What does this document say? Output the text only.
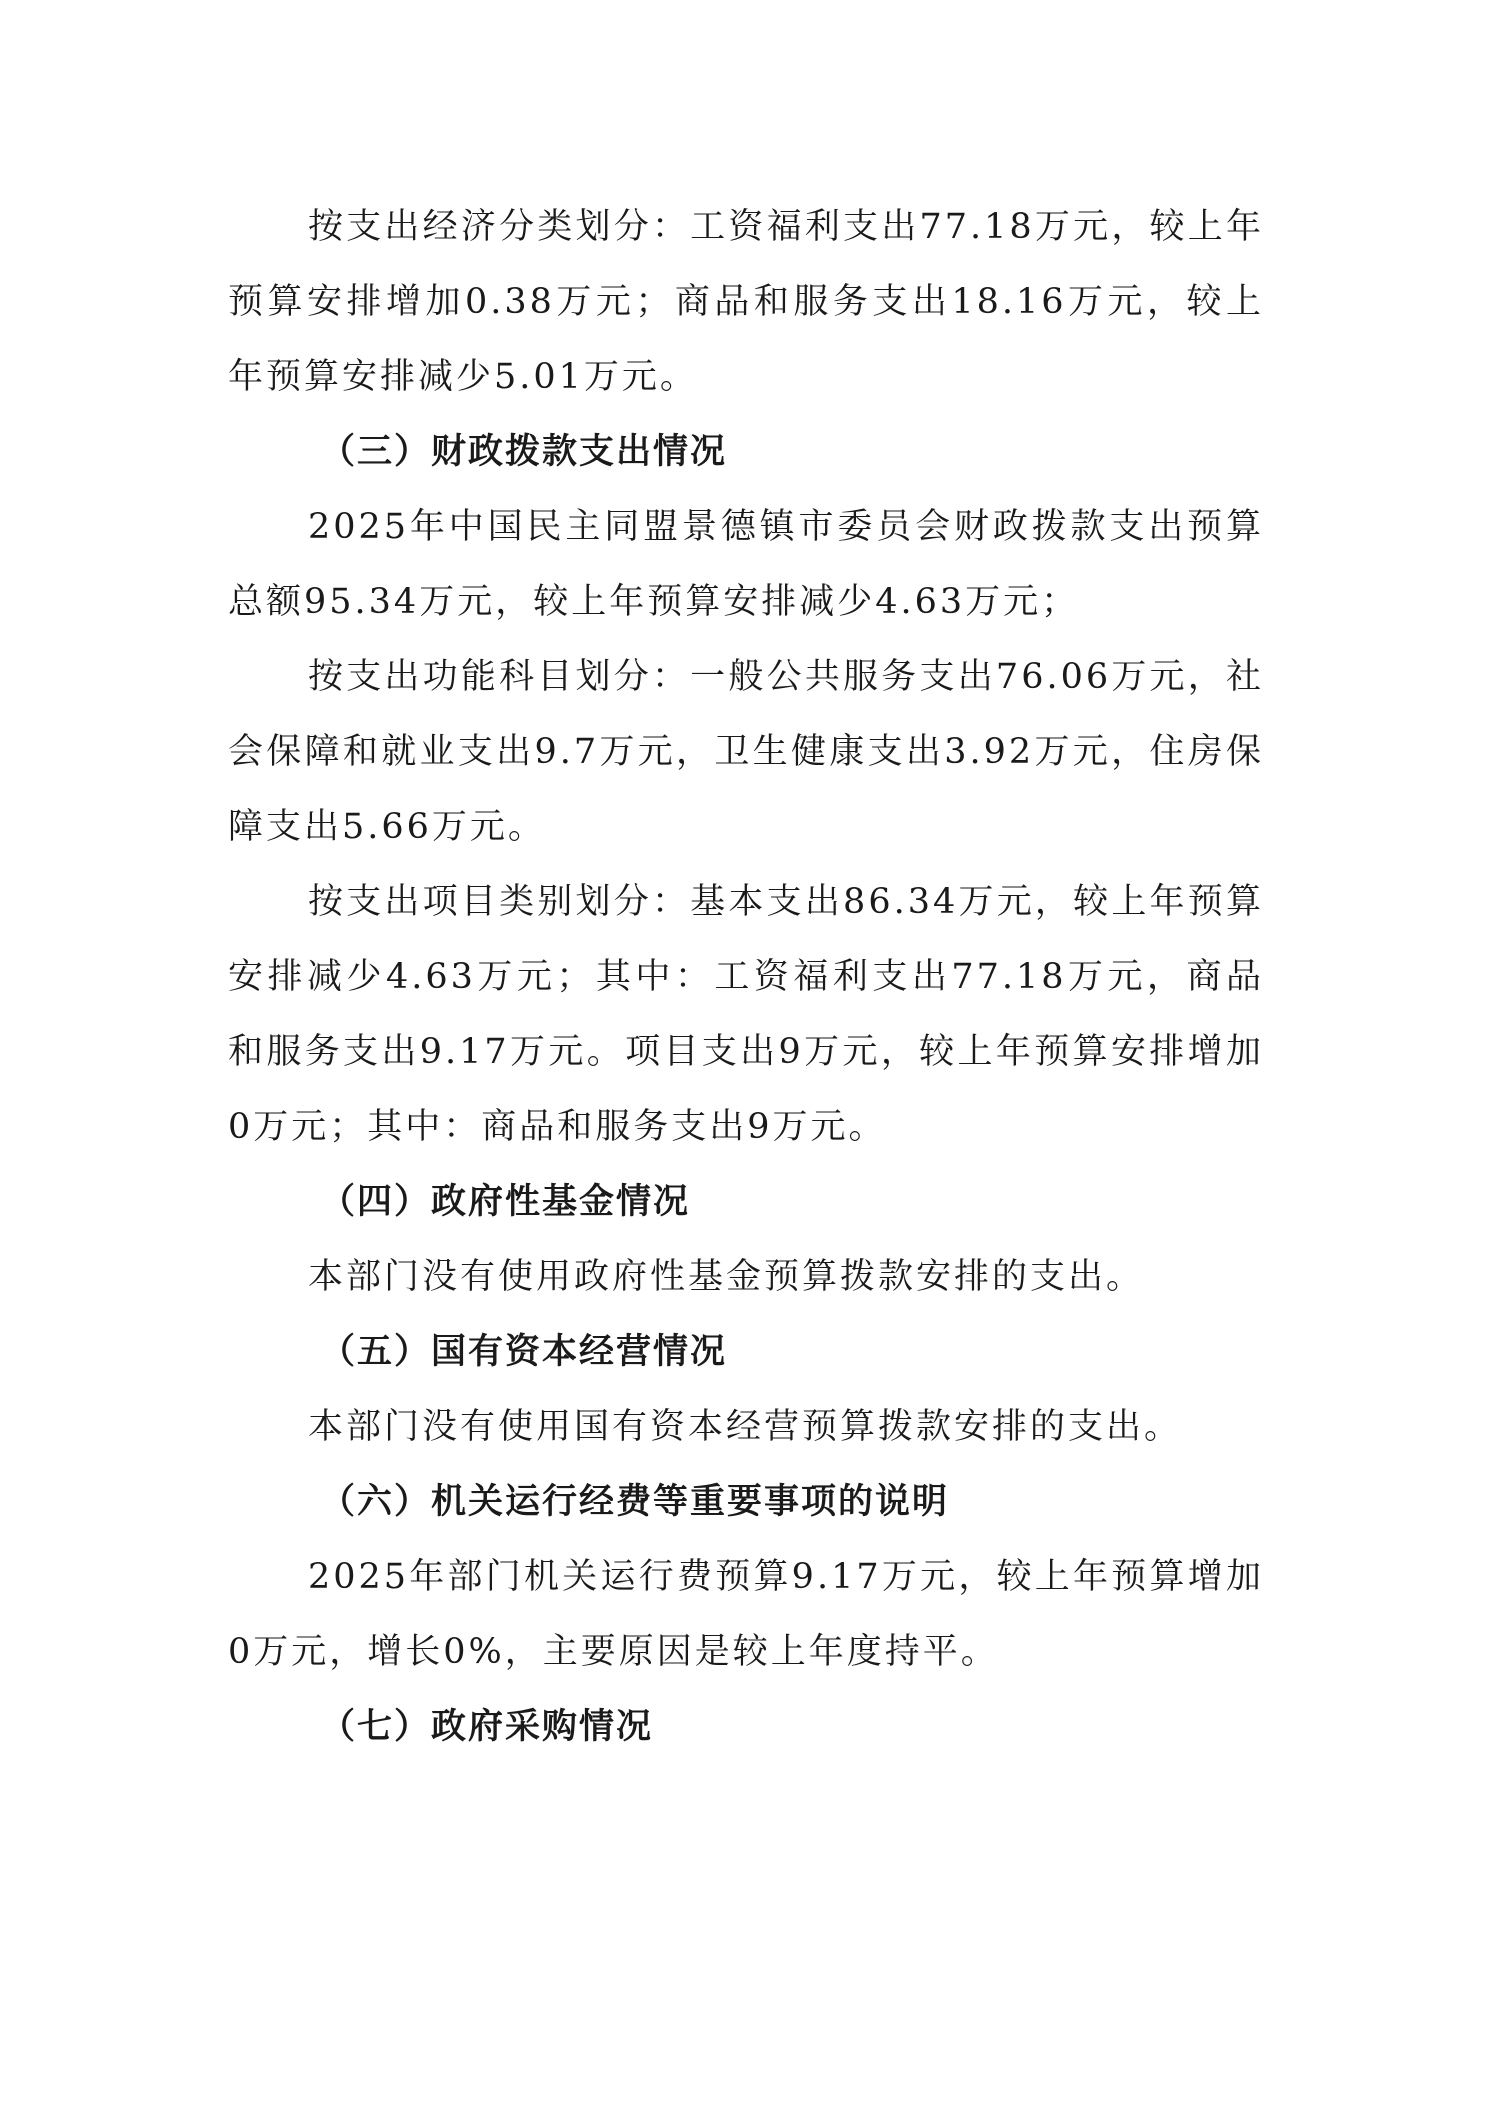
按支出经济分类划分：工资福利支出77.18万元，较上年预算安排增加0.38万元；商品和服务支出18.16万元，较上年预算安排减少5.01万元。

（三）财政拨款支出情况

2025年中国民主同盟景德镇市委员会财政拨款支出预算总额95.34万元，较上年预算安排减少4.63万元；

按支出功能科目划分：一般公共服务支出76.06万元，社会保障和就业支出9.7万元，卫生健康支出3.92万元，住房保障支出5.66万元。

按支出项目类别划分：基本支出86.34万元，较上年预算安排减少4.63万元；其中：工资福利支出77.18万元，商品和服务支出9.17万元。项目支出9万元，较上年预算安排增加0万元；其中：商品和服务支出9万元。

（四）政府性基金情况

本部门没有使用政府性基金预算拨款安排的支出。

（五）国有资本经营情况

本部门没有使用国有资本经营预算拨款安排的支出。

（六）机关运行经费等重要事项的说明

2025年部门机关运行费预算9.17万元，较上年预算增加0万元，增长0%，主要原因是较上年度持平。

（七）政府采购情况
